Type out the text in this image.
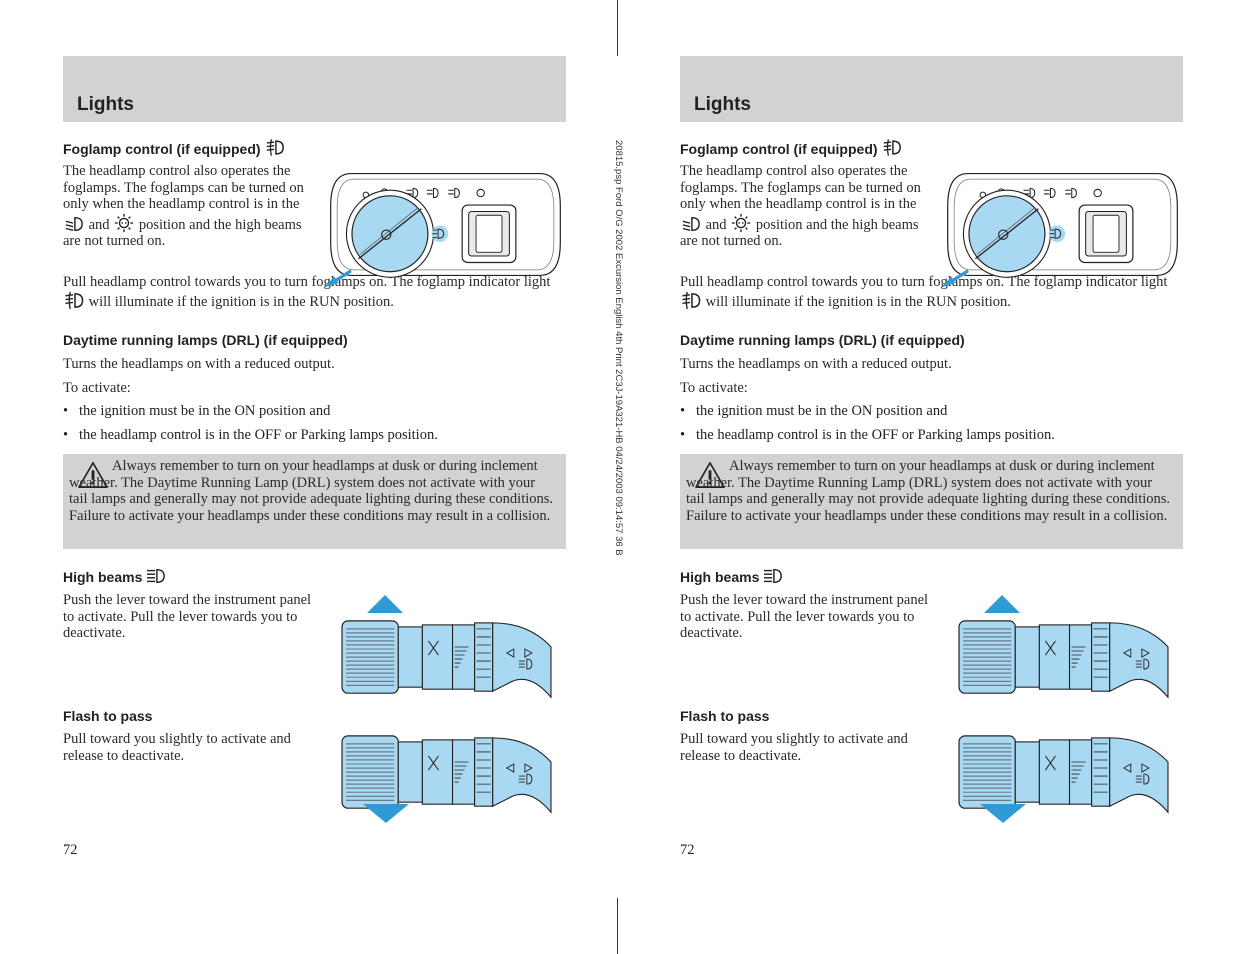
20815.psp Ford O/G 2002 Excursion English 4th Print 2C3J-19A321-HB 04/24/2003 09:14:57 36 B
Lights
Foglamp control (if equipped)
The headlamp control also operates the foglamps. The foglamps can be turned on only when the headlamp control is in the  and position and the high beams are not turned on.
Pull headlamp control towards you to turn foglamps on. The foglamp indicator light  will illuminate if the ignition is in the RUN position.
Daytime running lamps (DRL) (if equipped)
Turns the headlamps on with a reduced output.
To activate:
• the ignition must be in the ON position and
• the headlamp control is in the OFF or Parking lamps position.
Always remember to turn on your headlamps at dusk or during inclement weather. The Daytime Running Lamp (DRL) system does not activate with your tail lamps and generally may not provide adequate lighting during these conditions. Failure to activate your headlamps under these conditions may result in a collision.
High beams
Push the lever toward the instrument panel to activate. Pull the lever towards you to deactivate.
Flash to pass
Pull toward you slightly to activate and release to deactivate.
72
Lights
Foglamp control (if equipped)
The headlamp control also operates the foglamps. The foglamps can be turned on only when the headlamp control is in the  and position and the high beams are not turned on.
Pull headlamp control towards you to turn foglamps on. The foglamp indicator light  will illuminate if the ignition is in the RUN position.
Daytime running lamps (DRL) (if equipped)
Turns the headlamps on with a reduced output.
To activate:
• the ignition must be in the ON position and
• the headlamp control is in the OFF or Parking lamps position.
Always remember to turn on your headlamps at dusk or during inclement weather. The Daytime Running Lamp (DRL) system does not activate with your tail lamps and generally may not provide adequate lighting during these conditions. Failure to activate your headlamps under these conditions may result in a collision.
High beams
Push the lever toward the instrument panel to activate. Pull the lever towards you to deactivate.
Flash to pass
Pull toward you slightly to activate and release to deactivate.
72
